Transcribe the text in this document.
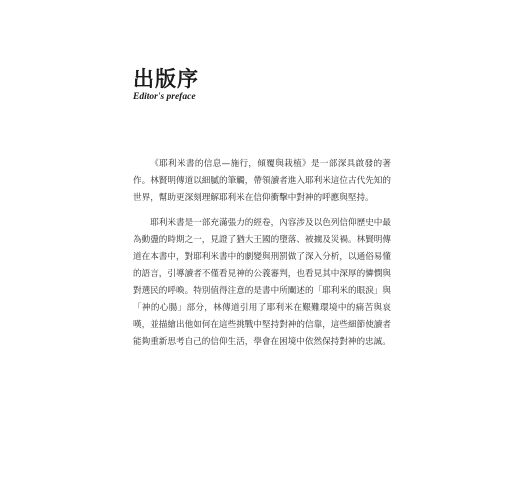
出版序
Editor's preface

《耶利米書的信息—施行，傾覆與栽植》是一部深具啟發的著作。林賢明傳道以細膩的筆觸，帶領讀者進入耶利米這位古代先知的世界，幫助更深刻理解耶利米在信仰衝擊中對神的呼應與堅持。

耶利米書是一部充滿張力的經卷，內容涉及以色列信仰歷史中最為動盪的時期之一，見證了猶大王國的墮落、被擄及災禍。林賢明傳道在本書中，對耶利米書中的劇變與刑罰做了深入分析，以通俗易懂的語言，引導讀者不僅看見神的公義審判，也看見其中深厚的憐憫與對選民的呼喚。特別值得注意的是書中所闡述的「耶利米的眼淚」與「神的心腸」部分，林傳道引用了耶利米在艱難環境中的痛苦與哀嘆，並描繪出他如何在這些挑戰中堅持對神的信靠，這些細節使讀者能夠重新思考自己的信仰生活，學會在困境中依然保持對神的忠誠。
